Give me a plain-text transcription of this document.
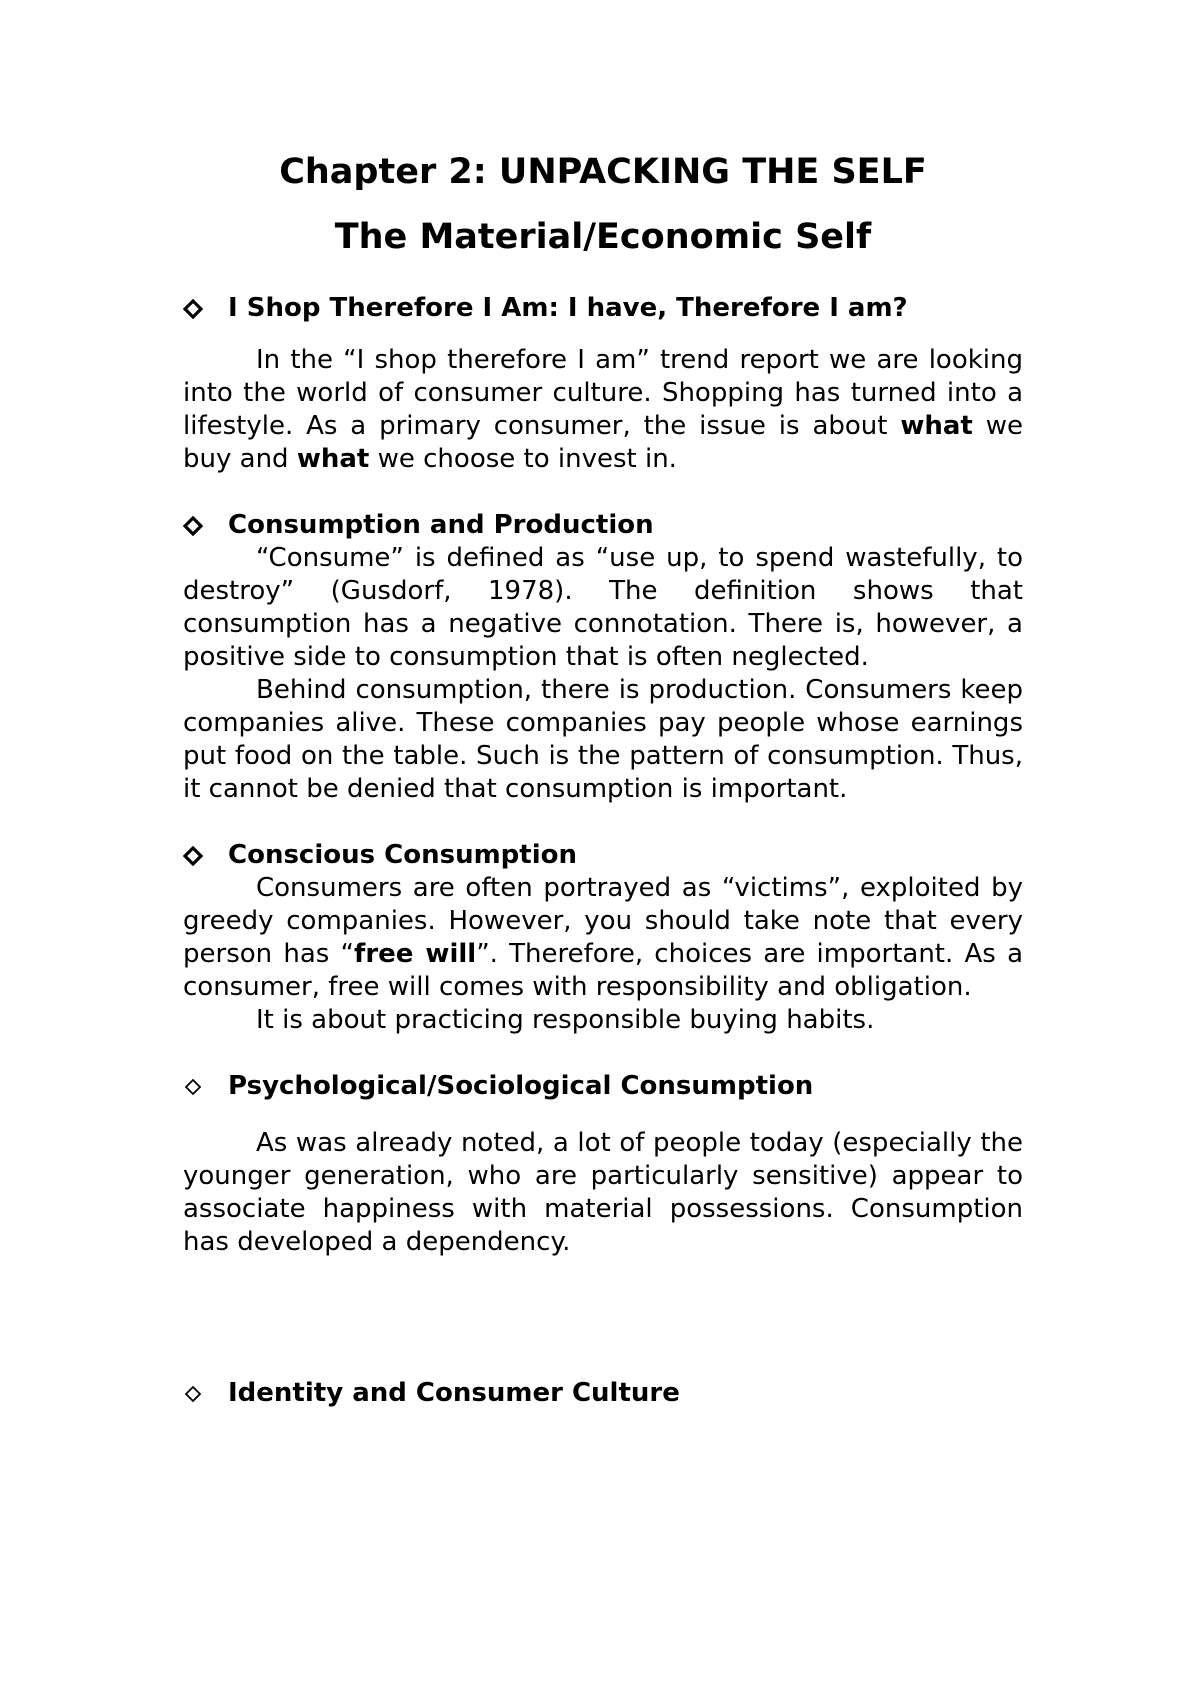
Chapter 2: UNPACKING THE SELF
The Material/Economic Self
I Shop Therefore I Am: I have, Therefore I am?

In the “I shop therefore I am” trend report we are looking into the world of consumer culture. Shopping has turned into a lifestyle. As a primary consumer, the issue is about what we buy and what we choose to invest in.

Consumption and Production

“Consume” is defined as “use up, to spend wastefully, to destroy” (Gusdorf, 1978). The definition shows that consumption has a negative connotation. There is, however, a positive side to consumption that is often neglected.

Behind consumption, there is production. Consumers keep companies alive. These companies pay people whose earnings put food on the table. Such is the pattern of consumption. Thus, it cannot be denied that consumption is important.

Conscious Consumption

Consumers are often portrayed as “victims”, exploited by greedy companies. However, you should take note that every person has “free will”. Therefore, choices are important. As a consumer, free will comes with responsibility and obligation.

It is about practicing responsible buying habits.

Psychological/Sociological Consumption

As was already noted, a lot of people today (especially the younger generation, who are particularly sensitive) appear to associate happiness with material possessions. Consumption has developed a dependency.

Identity and Consumer Culture
